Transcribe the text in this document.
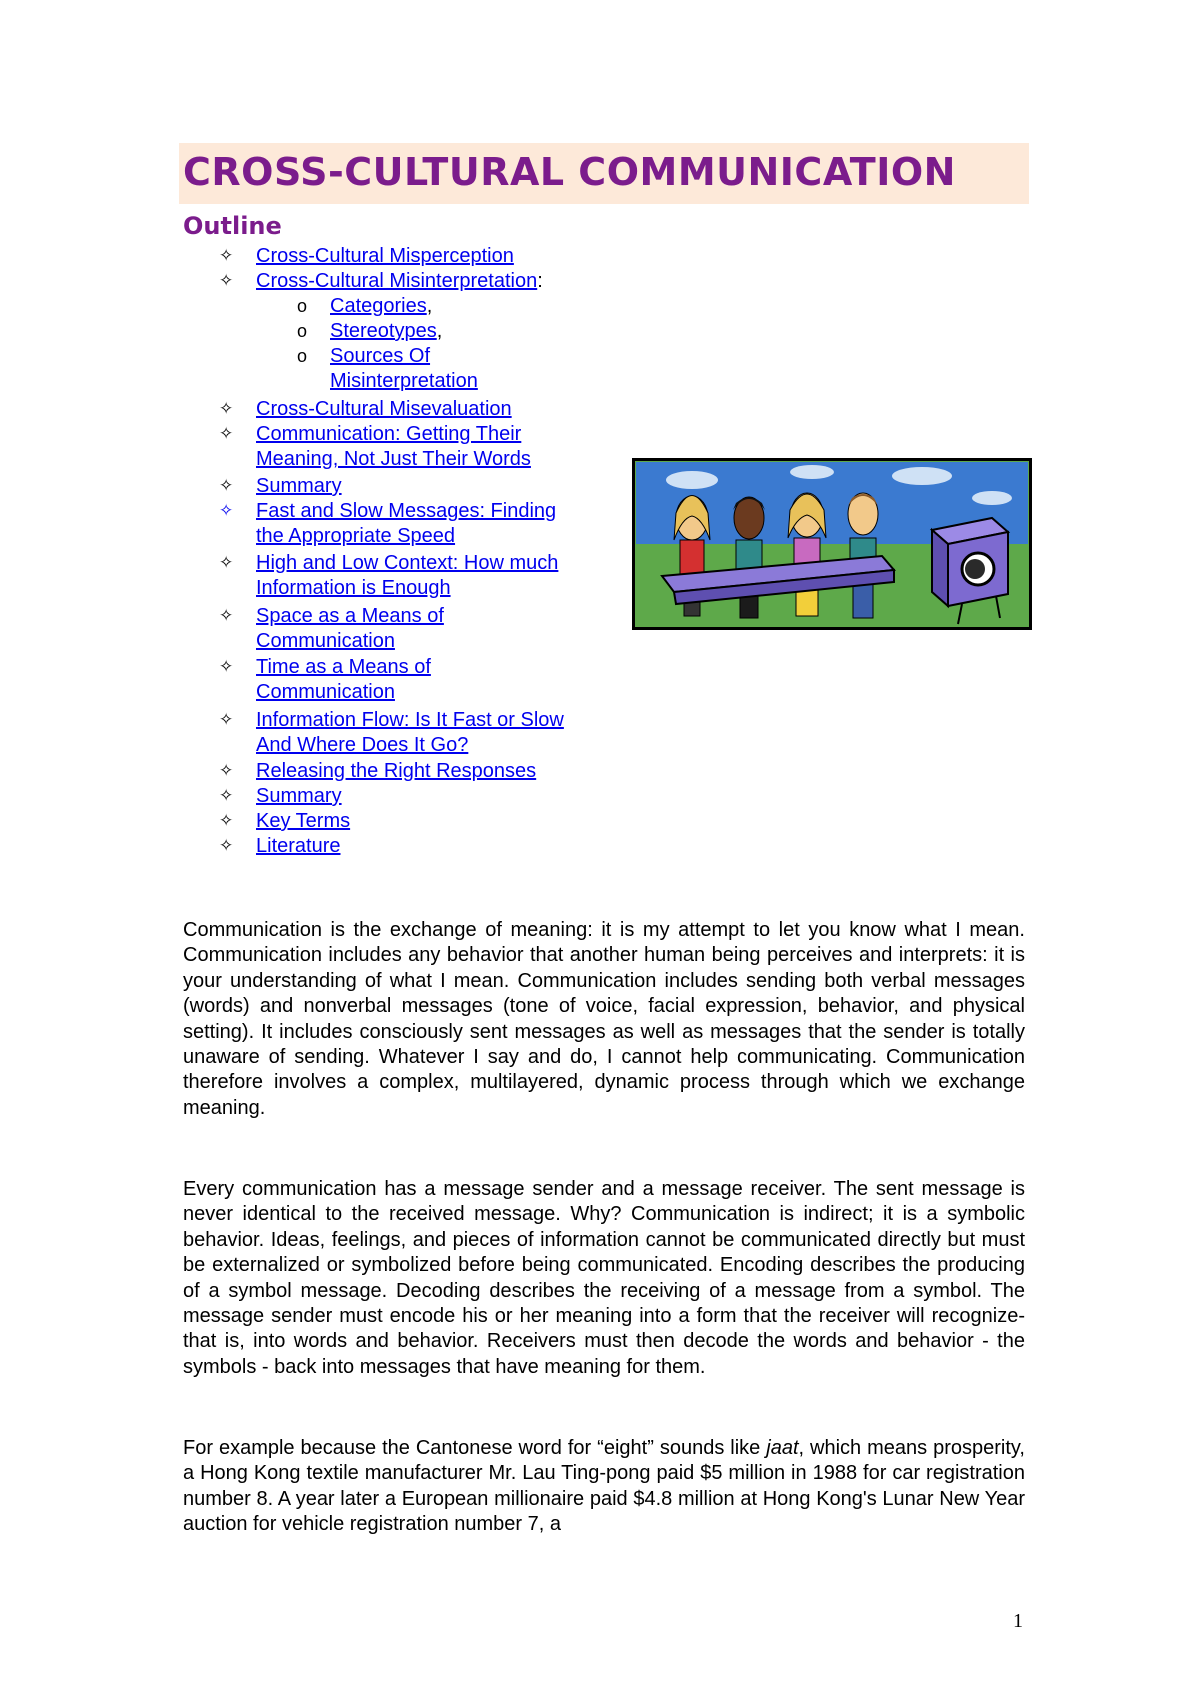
CROSS-CULTURAL COMMUNICATION
Outline
✧ Cross-Cultural Misperception
✧ Cross-Cultural Misinterpretation:
o Categories,
o Stereotypes,
o Sources Of
Misinterpretation
✧ Cross-Cultural Misevaluation
✧ Communication: Getting Their
Meaning, Not Just Their Words
✧ Summary
✧ Fast and Slow Messages: Finding
the Appropriate Speed
✧ High and Low Context: How much
Information is Enough
✧ Space as a Means of
Communication
✧ Time as a Means of
Communication
✧ Information Flow: Is It Fast or Slow
And Where Does It Go?
✧ Releasing the Right Responses
✧ Summary
✧ Key Terms
✧ Literature

Communication is the exchange of meaning: it is my attempt to let you know what I mean. Communication includes any behavior that another human being perceives and interprets: it is your understanding of what I mean. Communication includes sending both verbal messages (words) and nonverbal messages (tone of voice, facial expression, behavior, and physical setting). It includes consciously sent messages as well as messages that the sender is totally unaware of sending. Whatever I say and do, I cannot help communicating. Communication therefore involves a complex, multilayered, dynamic process through which we exchange meaning.

Every communication has a message sender and a message receiver. The sent message is never identical to the received message. Why? Communication is indirect; it is a symbolic behavior. Ideas, feelings, and pieces of information cannot be communicated directly but must be externalized or symbolized before being communicated. Encoding describes the producing of a symbol message. Decoding describes the receiving of a message from a symbol. The message sender must encode his or her meaning into a form that the receiver will recognize-that is, into words and behavior. Receivers must then decode the words and behavior - the symbols - back into messages that have meaning for them.

For example because the Cantonese word for “eight” sounds like jaat, which means prosperity, a Hong Kong textile manufacturer Mr. Lau Ting-pong paid $5 million in 1988 for car registration number 8. A year later a European millionaire paid $4.8 million at Hong Kong's Lunar New Year auction for vehicle registration number 7, a

1
